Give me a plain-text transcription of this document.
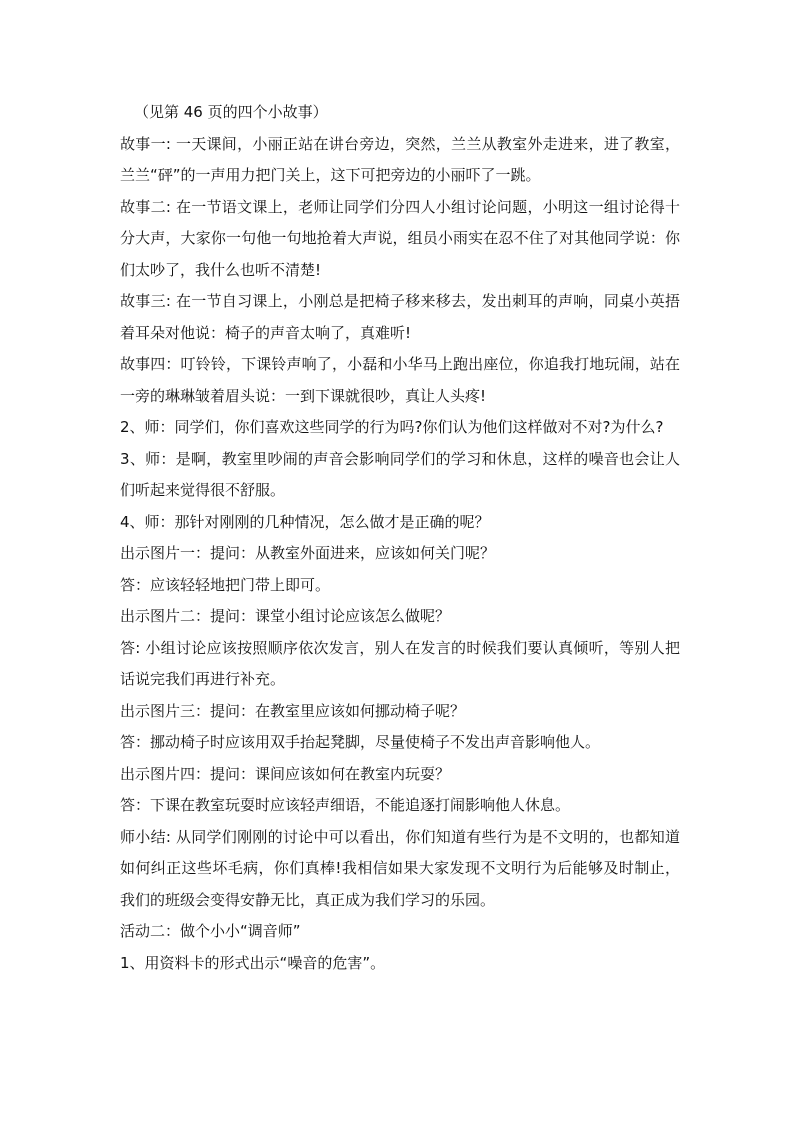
（见第 46 页的四个小故事）

故事一: 一天课间，小丽正站在讲台旁边，突然，兰兰从教室外走进来，进了教室，兰兰“砰”的一声用力把门关上，这下可把旁边的小丽吓了一跳。

故事二: 在一节语文课上，老师让同学们分四人小组讨论问题，小明这一组讨论得十分大声，大家你一句他一句地抢着大声说，组员小雨实在忍不住了对其他同学说：你们太吵了，我什么也听不清楚!

故事三: 在一节自习课上，小刚总是把椅子移来移去，发出刺耳的声响，同桌小英捂着耳朵对他说：椅子的声音太响了，真难听!

故事四：叮铃铃，下课铃声响了，小磊和小华马上跑出座位，你追我打地玩闹，站在一旁的琳琳皱着眉头说：一到下课就很吵，真让人头疼!

2、师：同学们，你们喜欢这些同学的行为吗?你们认为他们这样做对不对?为什么?

3、师：是啊，教室里吵闹的声音会影响同学们的学习和休息，这样的噪音也会让人们听起来觉得很不舒服。

4、师：那针对刚刚的几种情况，怎么做才是正确的呢？

出示图片一：提问：从教室外面进来，应该如何关门呢？

答：应该轻轻地把门带上即可。

出示图片二：提问：课堂小组讨论应该怎么做呢？

答: 小组讨论应该按照顺序依次发言，别人在发言的时候我们要认真倾听，等别人把话说完我们再进行补充。

出示图片三：提问：在教室里应该如何挪动椅子呢？

答：挪动椅子时应该用双手抬起凳脚，尽量使椅子不发出声音影响他人。

出示图片四：提问：课间应该如何在教室内玩耍？

答：下课在教室玩耍时应该轻声细语，不能追逐打闹影响他人休息。

师小结: 从同学们刚刚的讨论中可以看出，你们知道有些行为是不文明的，也都知道如何纠正这些坏毛病，你们真棒!我相信如果大家发现不文明行为后能够及时制止，我们的班级会变得安静无比，真正成为我们学习的乐园。

活动二：做个小小“调音师”

1、用资料卡的形式出示“噪音的危害”。
